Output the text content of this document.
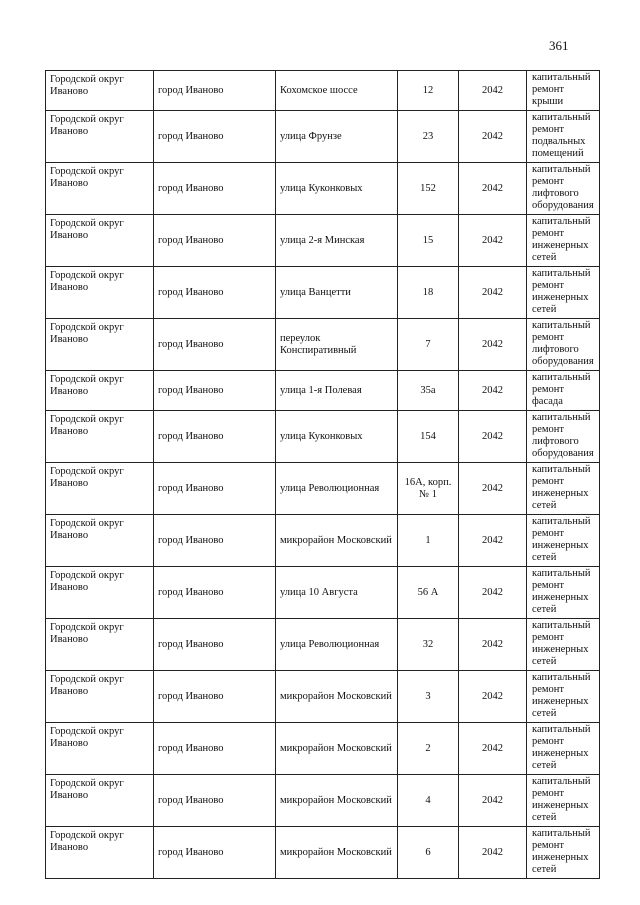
361
Городской округ Иваново	город Иваново	Кохомское шоссе	12	2042	капитальный ремонт крыши
Городской округ Иваново	город Иваново	улица Фрунзе	23	2042	капитальный ремонт подвальных помещений
Городской округ Иваново	город Иваново	улица Куконковых	152	2042	капитальный ремонт лифтового оборудования
Городской округ Иваново	город Иваново	улица 2-я Минская	15	2042	капитальный ремонт инженерных сетей
Городской округ Иваново	город Иваново	улица Ванцетти	18	2042	капитальный ремонт инженерных сетей
Городской округ Иваново	город Иваново	переулок Конспиративный	7	2042	капитальный ремонт лифтового оборудования
Городской округ Иваново	город Иваново	улица 1-я Полевая	35а	2042	капитальный ремонт фасада
Городской округ Иваново	город Иваново	улица Куконковых	154	2042	капитальный ремонт лифтового оборудования
Городской округ Иваново	город Иваново	улица Революционная	16А, корп. № 1	2042	капитальный ремонт инженерных сетей
Городской округ Иваново	город Иваново	микрорайон Московский	1	2042	капитальный ремонт инженерных сетей
Городской округ Иваново	город Иваново	улица 10 Августа	56 А	2042	капитальный ремонт инженерных сетей
Городской округ Иваново	город Иваново	улица Революционная	32	2042	капитальный ремонт инженерных сетей
Городской округ Иваново	город Иваново	микрорайон Московский	3	2042	капитальный ремонт инженерных сетей
Городской округ Иваново	город Иваново	микрорайон Московский	2	2042	капитальный ремонт инженерных сетей
Городской округ Иваново	город Иваново	микрорайон Московский	4	2042	капитальный ремонт инженерных сетей
Городской округ Иваново	город Иваново	микрорайон Московский	6	2042	капитальный ремонт инженерных сетей
